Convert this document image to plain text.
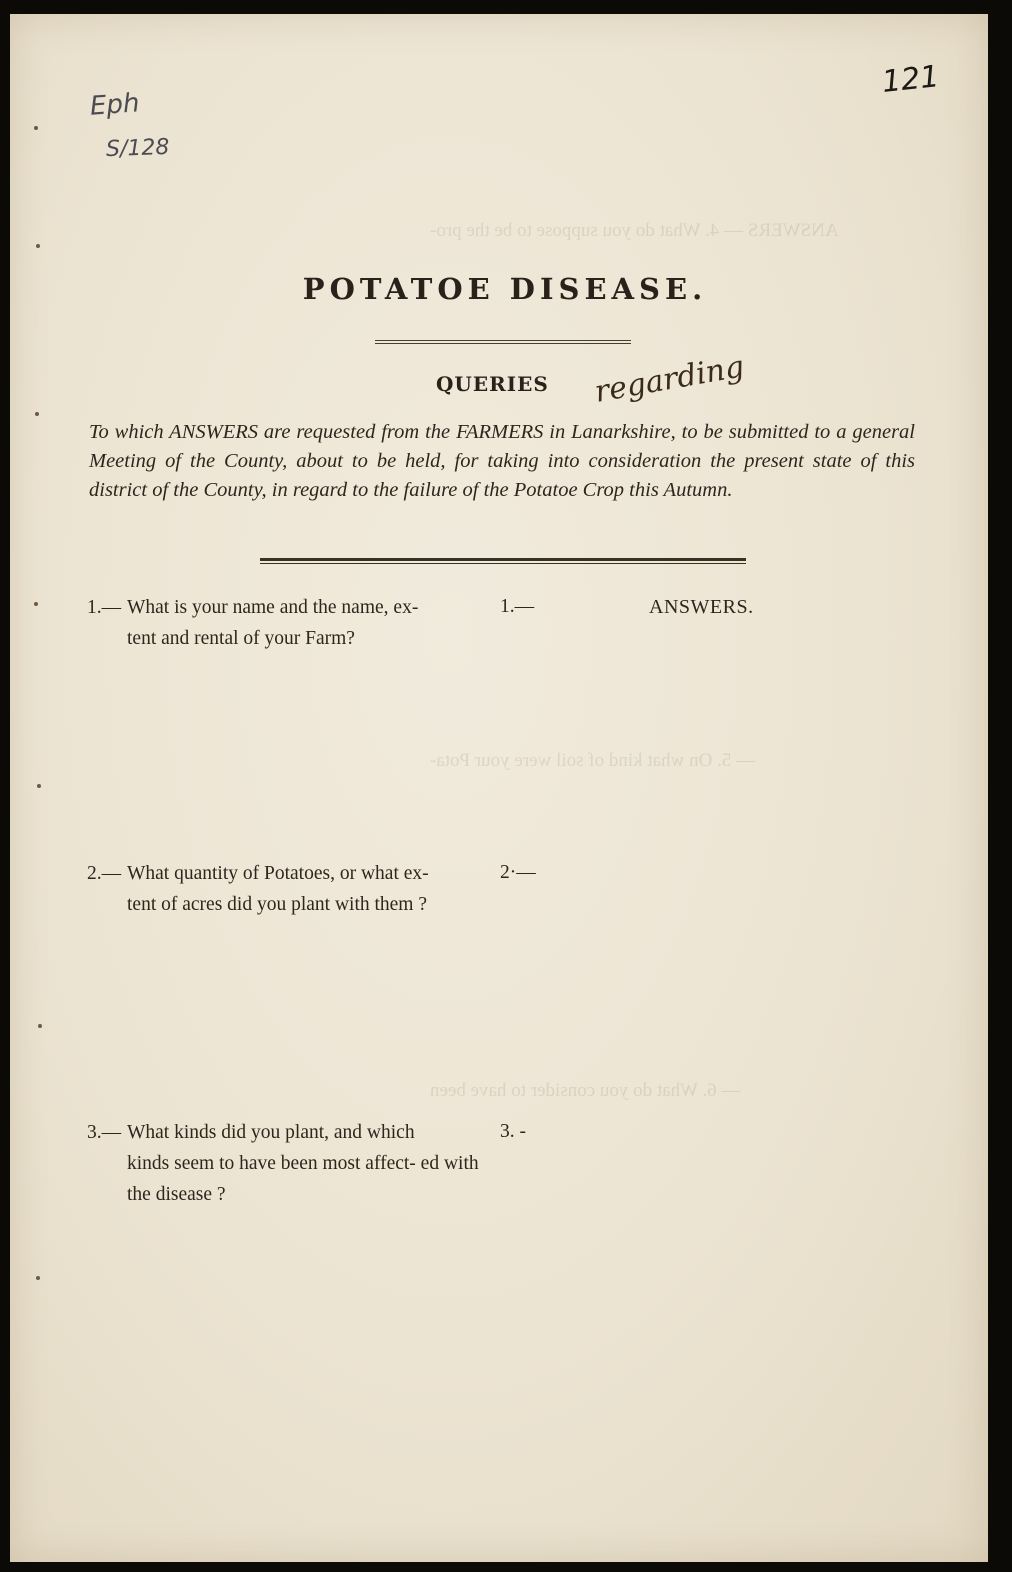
ANSWERS — 4. What do you suppose to be the pro-
— 5. On what kind of soil were your Pota-
— 6. What do you consider to have been
Eph
S/128
121
POTATOE DISEASE.
QUERIES regarding
To which ANSWERS are requested from the FARMERS in Lanarkshire, to be submitted to a general Meeting of the County, about to be held, for taking into consideration the present state of this district of the County, in regard to the failure of the Potatoe Crop this Autumn.
ANSWERS.
1.— What is your name and the name, ex-
tent and rental of your Farm?
1.—
2.— What quantity of Potatoes, or what ex-
tent of acres did you plant with them ?
2·—
3.— What kinds did you plant, and which
kinds seem to have been most affect- ed with the disease ?
3. -
